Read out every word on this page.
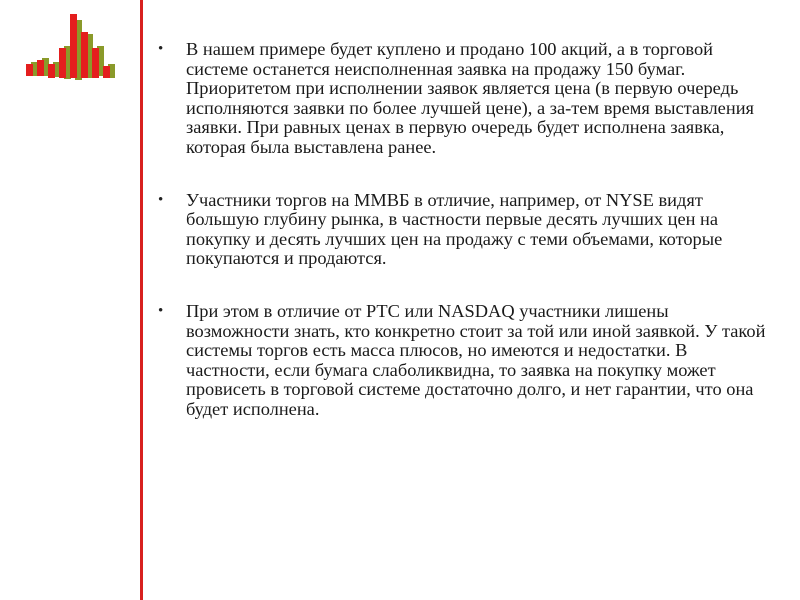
•	В нашем примере будет куплено и продано 100 акций, а в торговой системе останется неисполненная заявка на продажу 150 бумаг. Приоритетом при исполнении заявок является цена (в первую очередь исполняются заявки по более лучшей цене), а за-тем время выставления заявки. При равных ценах в первую очередь будет исполнена заявка, которая была выставлена ранее.
•	Участники торгов на ММВБ в отличие, например, от NYSE видят большую глубину рынка, в частности первые десять лучших цен на покупку и десять лучших цен на продажу с теми объемами, которые покупаются и продаются.
•	При этом в отличие от РТС или NASDAQ участники лишены возможности знать, кто конкретно стоит за той или иной заявкой. У такой системы торгов есть масса плюсов, но имеются и недостатки. В частности, если бумага слаболиквидна, то заявка на покупку может провисеть в торговой системе достаточно долго, и нет гарантии, что она будет исполнена.
